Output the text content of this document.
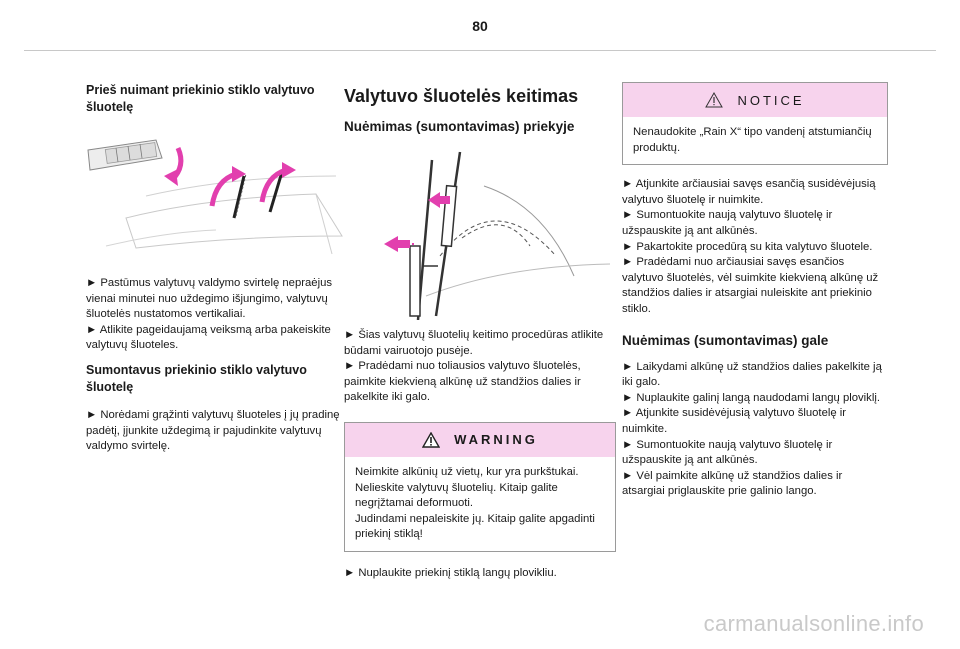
80

Prieš nuimant priekinio stiklo valytuvo šluotelę

► Pastūmus valytuvų valdymo svirtelę nepraėjus vienai minutei nuo uždegimo išjungimo, valytuvų šluotelės nustatomos vertikaliai.

► Atlikite pageidaujamą veiksmą arba pakeiskite valytuvų šluoteles.

Sumontavus priekinio stiklo valytuvo šluotelę

► Norėdami grąžinti valytuvų šluoteles į jų pradinę padėtį, įjunkite uždegimą ir pajudinkite valytuvų valdymo svirtelę.

Valytuvo šluotelės keitimas

Nuėmimas (sumontavimas) priekyje

► Šias valytuvų šluotelių keitimo procedūras atlikite būdami vairuotojo pusėje.

► Pradėdami nuo toliausios valytuvo šluotelės, paimkite kiekvieną alkūnę už standžios dalies ir pakelkite iki galo.

WARNING

Neimkite alkūnių už vietų, kur yra purkštukai.

Nelieskite valytuvų šluotelių. Kitaip galite negrįžtamai deformuoti.

Judindami nepaleiskite jų. Kitaip galite apgadinti priekinį stiklą!

► Nuplaukite priekinį stiklą langų plovikliu.

NOTICE

Nenaudokite „Rain X“ tipo vandenį atstumiančių produktų.

► Atjunkite arčiausiai savęs esančią susidėvėjusią valytuvo šluotelę ir nuimkite.

► Sumontuokite naują valytuvo šluotelę ir užspauskite ją ant alkūnės.

► Pakartokite procedūrą su kita valytuvo šluotele.

► Pradėdami nuo arčiausiai savęs esančios valytuvo šluotelės, vėl suimkite kiekvieną alkūnę už standžios dalies ir atsargiai nuleiskite ant priekinio stiklo.

Nuėmimas (sumontavimas) gale

► Laikydami alkūnę už standžios dalies pakelkite ją iki galo.

► Nuplaukite galinį langą naudodami langų ploviklį.

► Atjunkite susidėvėjusią valytuvo šluotelę ir nuimkite.

► Sumontuokite naują valytuvo šluotelę ir užspauskite ją ant alkūnės.

► Vėl paimkite alkūnę už standžios dalies ir atsargiai priglauskite prie galinio lango.

carmanualsonline.info
